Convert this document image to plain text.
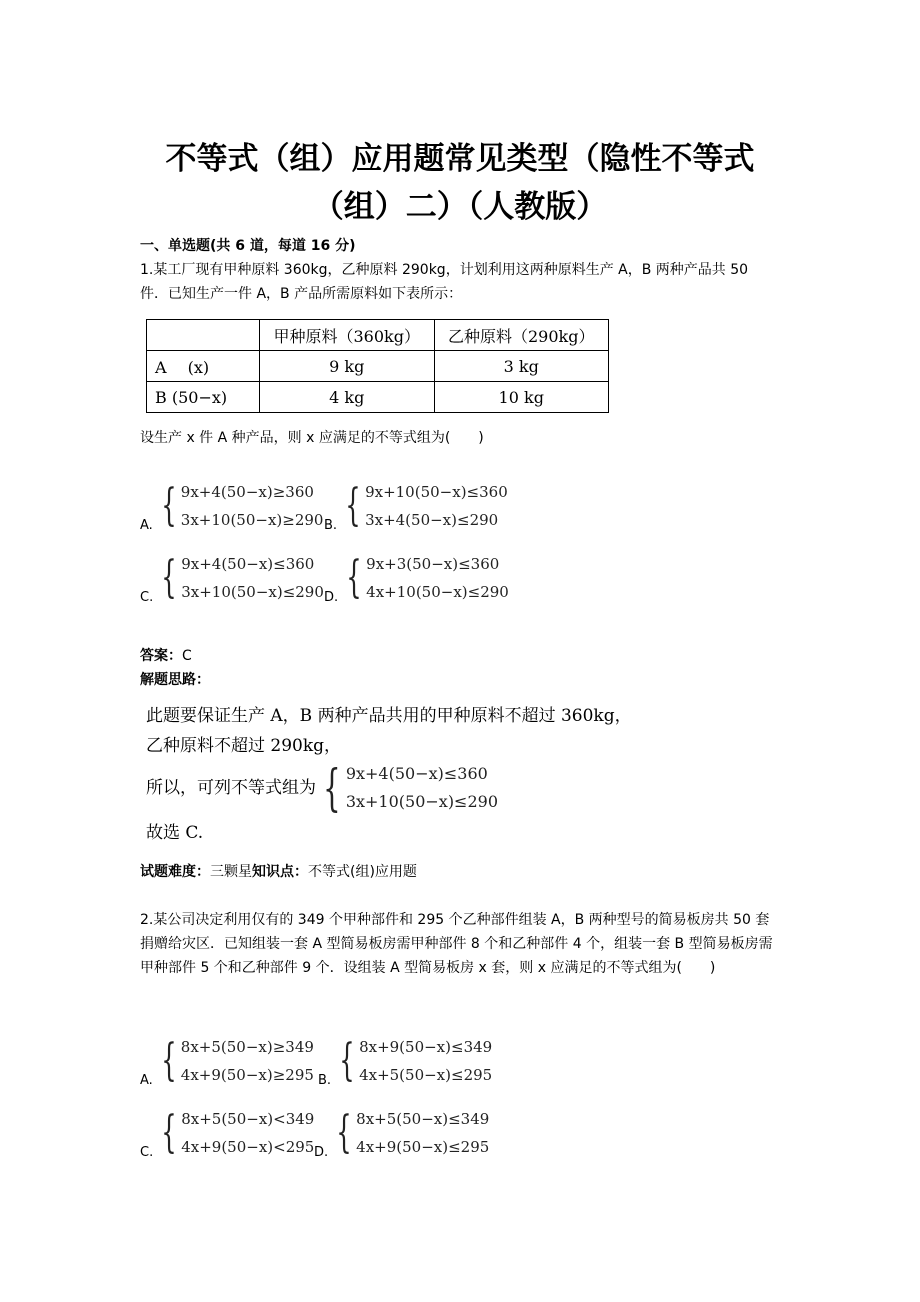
不等式（组）应用题常见类型（隐性不等式
（组）二）（人教版）
一、单选题(共 6 道，每道 16 分)
1.某工厂现有甲种原料 360kg，乙种原料 290kg，计划利用这两种原料生产 A，B 两种产品共 50 件．已知生产一件 A，B 产品所需原料如下表所示：
	甲种原料（360kg）	乙种原料（290kg）
A　 (x)	9 kg	3 kg
B (50−x)	4 kg	10 kg
设生产 x 件 A 种产品，则 x 应满足的不等式组为(　　)
A. { 9x+4(50−x)≥360
3x+10(50−x)≥290 B. { 9x+10(50−x)≤360
3x+4(50−x)≤290
C. { 9x+4(50−x)≤360
3x+10(50−x)≤290 D. { 9x+3(50−x)≤360
4x+10(50−x)≤290
答案：C
解题思路：
此题要保证生产 A，B 两种产品共用的甲种原料不超过 360kg，
乙种原料不超过 290kg，
所以，可列不等式组为 { 9x+4(50−x)≤360
3x+10(50−x)≤290
故选 C.
试题难度：三颗星知识点：不等式(组)应用题
2.某公司决定利用仅有的 349 个甲种部件和 295 个乙种部件组装 A，B 两种型号的简易板房共 50 套捐赠给灾区．已知组装一套 A 型简易板房需甲种部件 8 个和乙种部件 4 个，组装一套 B 型简易板房需甲种部件 5 个和乙种部件 9 个．设组装 A 型简易板房 x 套，则 x 应满足的不等式组为(　　)
A. { 8x+5(50−x)≥349
4x+9(50−x)≥295 B. { 8x+9(50−x)≤349
4x+5(50−x)≤295
C. { 8x+5(50−x)<349
4x+9(50−x)<295 D. { 8x+5(50−x)≤349
4x+9(50−x)≤295
